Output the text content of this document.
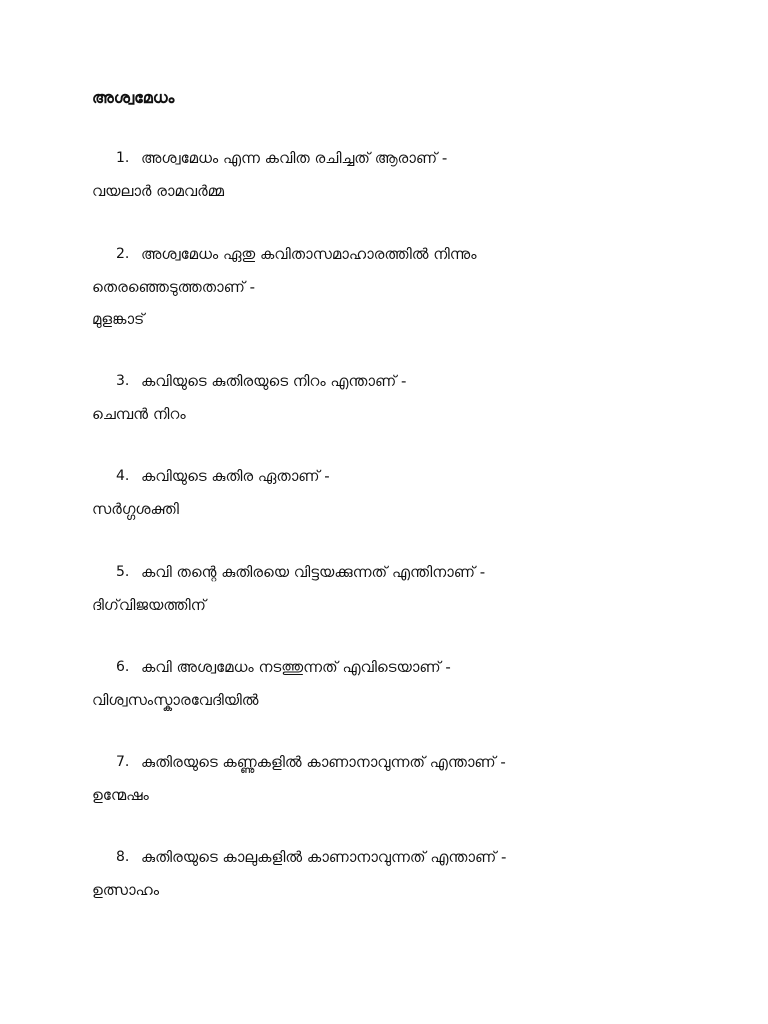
അശ്വമേധം
1. അശ്വമേധം എന്ന കവിത രചിച്ചത് ആരാണ് -
വയലാർ രാമവർമ്മ
2. അശ്വമേധം ഏതു കവിതാസമാഹാരത്തിൽ നിന്നും
തെരഞ്ഞെടുത്തതാണ് -
മുളങ്കാട്
3. കവിയുടെ കുതിരയുടെ നിറം എന്താണ് -
ചെമ്പൻ നിറം
4. കവിയുടെ കുതിര ഏതാണ് -
സർഗ്ഗശക്തി
5. കവി തന്റെ കുതിരയെ വിട്ടയക്കുന്നത് എന്തിനാണ് -
ദിഗ്‌വിജയത്തിന്
6. കവി അശ്വമേധം നടത്തുന്നത് എവിടെയാണ് -
വിശ്വസംസ്കാരവേദിയിൽ
7. കുതിരയുടെ കണ്ണുകളിൽ കാണാനാവുന്നത് എന്താണ് -
ഉന്മേഷം
8. കുതിരയുടെ കാലുകളിൽ കാണാനാവുന്നത് എന്താണ് -
ഉത്സാഹം
